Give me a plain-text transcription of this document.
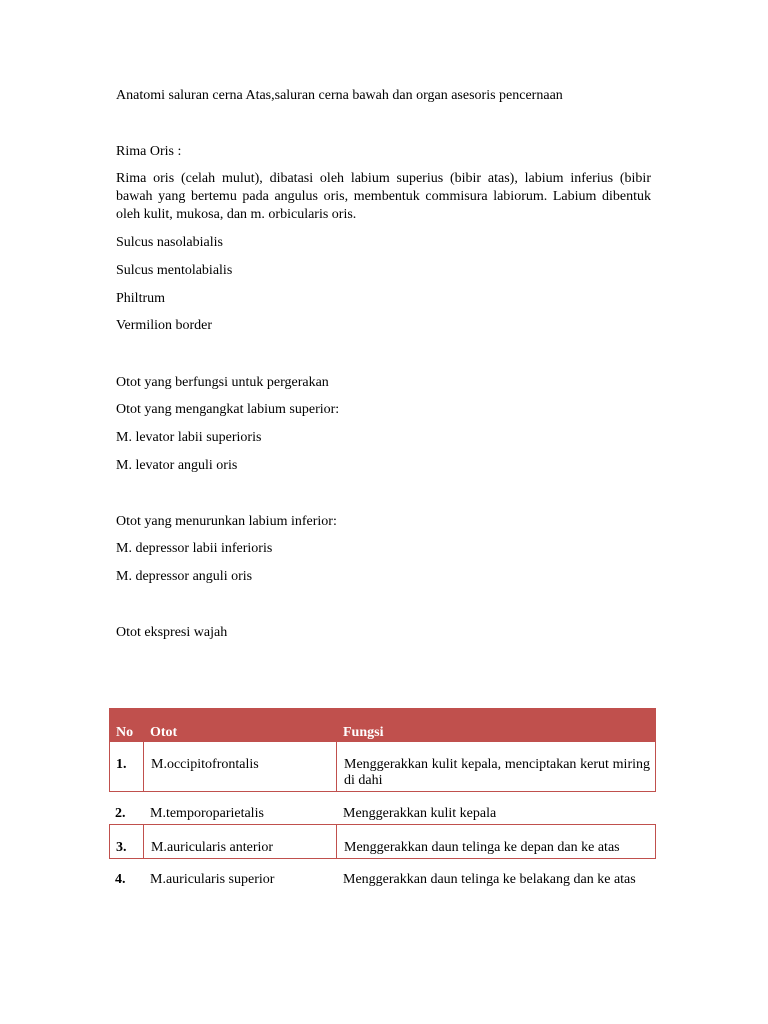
Anatomi saluran cerna Atas,saluran cerna bawah dan organ asesoris pencernaan
Rima Oris :
Rima oris (celah mulut), dibatasi oleh labium superius (bibir atas), labium inferius (bibir bawah yang bertemu pada angulus oris, membentuk commisura labiorum. Labium dibentuk oleh kulit, mukosa, dan m. orbicularis oris.
Sulcus nasolabialis
Sulcus mentolabialis
Philtrum
Vermilion border
Otot yang berfungsi untuk pergerakan
Otot yang mengangkat labium superior:
M. levator labii superioris
M. levator anguli oris
Otot yang menurunkan labium inferior:
M. depressor labii inferioris
M. depressor anguli oris
Otot ekspresi wajah
No Otot	Fungsi
1. M.occipitofrontalis	Menggerakkan kulit kepala, menciptakan kerut miring di dahi
2. M.temporoparietalis	Menggerakkan kulit kepala
3. M.auricularis anterior	Menggerakkan daun telinga ke depan dan ke atas
4. M.auricularis superior	Menggerakkan daun telinga ke belakang dan ke atas
